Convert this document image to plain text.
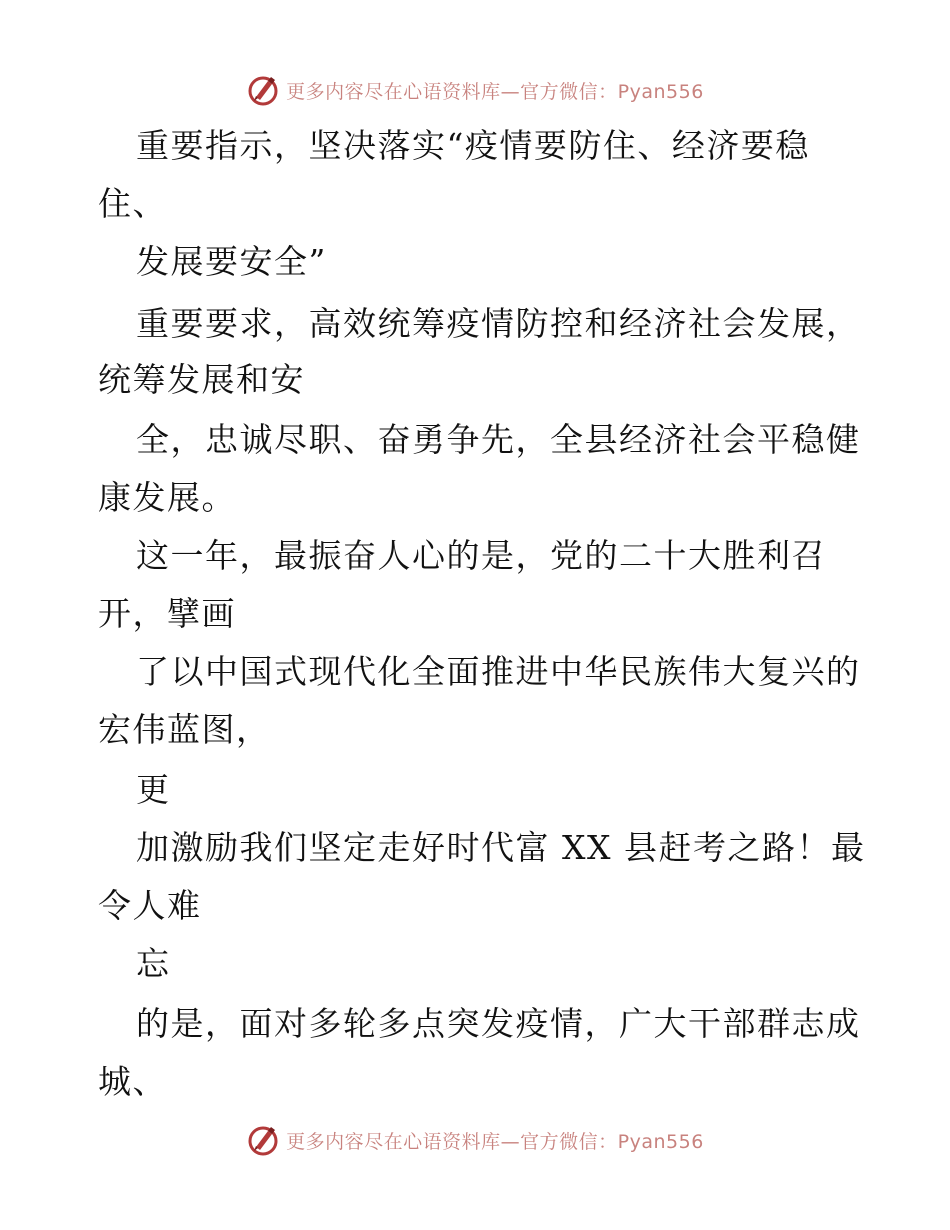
更多内容尽在心语资料库—官方微信：Pyan556
重要指示，坚决落实“疫情要防住、经济要稳
住、
发展要安全”
重要要求，高效统筹疫情防控和经济社会发展，
统筹发展和安
全，忠诚尽职、奋勇争先，全县经济社会平稳健
康发展。
这一年，最振奋人心的是，党的二十大胜利召
开，擘画
了以中国式现代化全面推进中华民族伟大复兴的
宏伟蓝图，
更
加激励我们坚定走好时代富 XX 县赶考之路！最
令人难
忘
的是，面对多轮多点突发疫情，广大干部群志成
城、
更多内容尽在心语资料库—官方微信：Pyan556
